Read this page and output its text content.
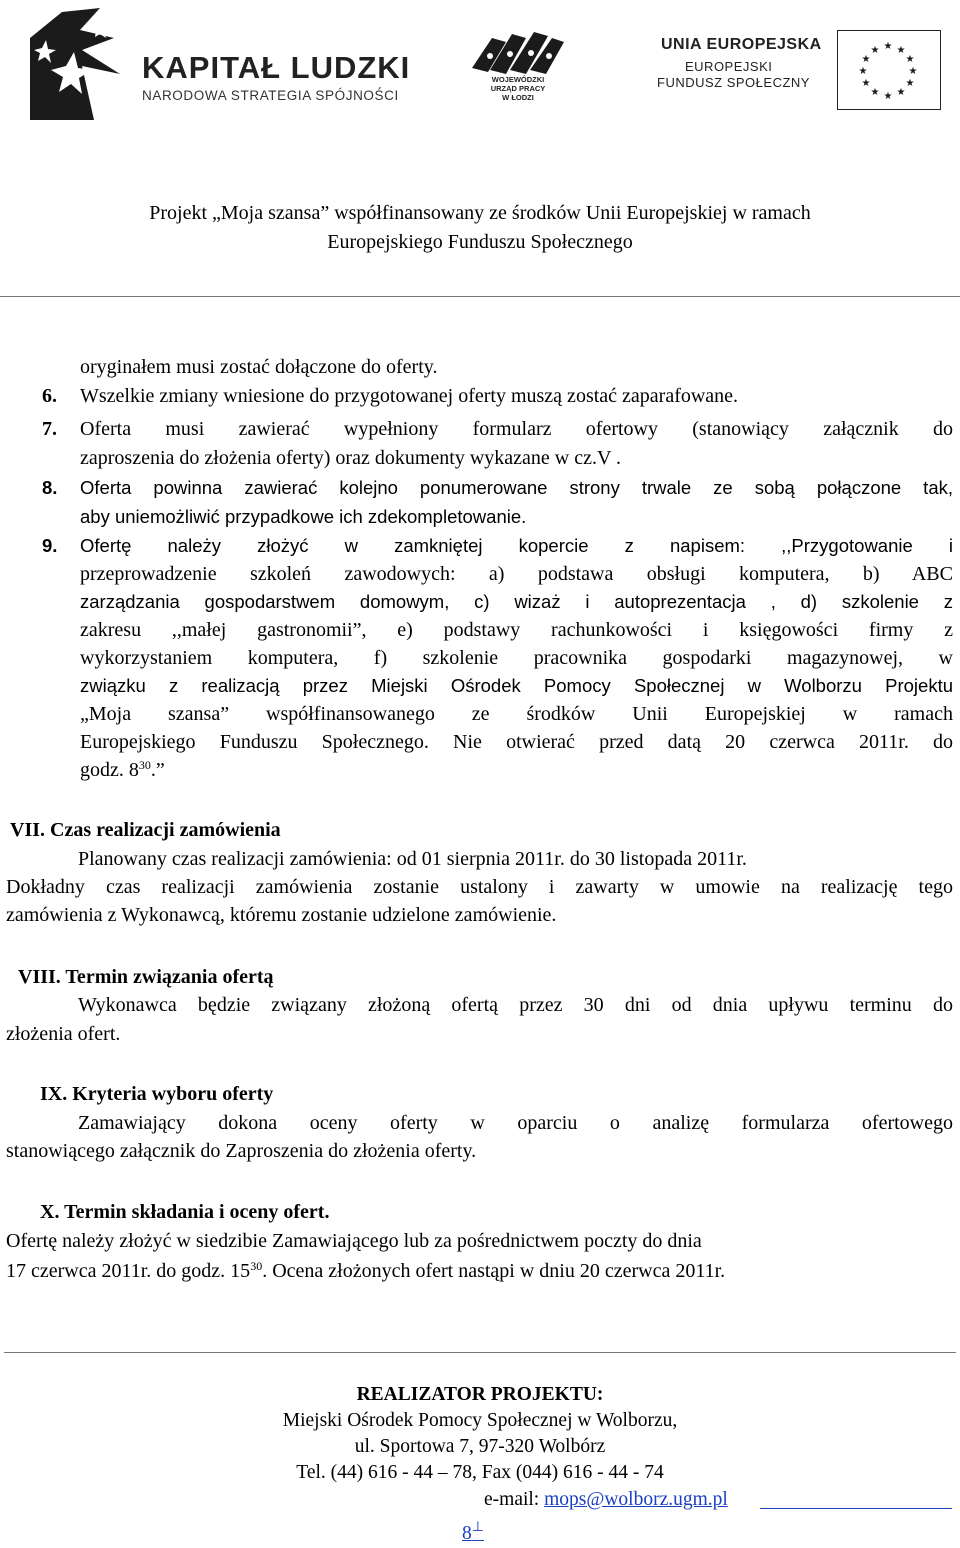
KAPITAŁ LUDZKI
NARODOWA STRATEGIA SPÓJNOŚCI
WOJEWÓDZKI
URZĄD PRACY
W ŁODZI
UNIA EUROPEJSKA
EUROPEJSKI
FUNDUSZ SPOŁECZNY
★ ★
★
★
★
★
★
★
★
★
★
★
Projekt „Moja szansa” współfinansowany ze środków Unii Europejskiej w ramach
Europejskiego Funduszu Społecznego
oryginałem musi zostać dołączone do oferty.
6. Wszelkie zmiany wniesione do przygotowanej oferty muszą zostać zaparafowane.
7. Oferta musi zawierać wypełniony formularz ofertowy (stanowiący załącznik do
zaproszenia do złożenia oferty) oraz dokumenty wykazane w cz.V .
8. Oferta powinna zawierać kolejno ponumerowane strony trwale ze sobą połączone tak,
aby uniemożliwić przypadkowe ich zdekompletowanie.
9. Ofertę należy złożyć w zamkniętej kopercie z napisem: ,,Przygotowanie i
przeprowadzenie szkoleń zawodowych: a) podstawa obsługi komputera, b) ABC
zarządzania gospodarstwem domowym, c) wizaż i autoprezentacja , d) szkolenie z
zakresu ,,małej gastronomii”, e) podstawy rachunkowości i księgowości firmy z
wykorzystaniem komputera, f) szkolenie pracownika gospodarki magazynowej, w
związku z realizacją przez Miejski Ośrodek Pomocy Społecznej w Wolborzu Projektu
„Moja szansa” współfinansowanego ze środków Unii Europejskiej w ramach
Europejskiego Funduszu Społecznego. Nie otwierać przed datą 20 czerwca 2011r. do
godz. $8^{30}$.”
VII. Czas realizacji zamówienia
Planowany czas realizacji zamówienia: od 01 sierpnia 2011r. do 30 listopada 2011r.
Dokładny czas realizacji zamówienia zostanie ustalony i zawarty w umowie na realizację tego
zamówienia z Wykonawcą, któremu zostanie udzielone zamówienie.
VIII. Termin związania ofertą
Wykonawca będzie związany złożoną ofertą przez 30 dni od dnia upływu terminu do
złożenia ofert.
IX. Kryteria wyboru oferty
Zamawiający dokona oceny oferty w oparciu o analizę formularza ofertowego
stanowiącego załącznik do Zaproszenia do złożenia oferty.
X. Termin składania i oceny ofert.
Ofertę należy złożyć w siedzibie Zamawiającego lub za pośrednictwem poczty do dnia
17 czerwca 2011r. do godz. $15^{30}$. Ocena złożonych ofert nastąpi w dniu 20 czerwca 2011r.
REALIZATOR PROJEKTU:
Miejski Ośrodek Pomocy Społecznej w Wolborzu,
ul. Sportowa 7, 97-320 Wolbórz
Tel. (44) 616 - 44 – 78, Fax (044) 616 - 44 - 74
e-mail: mops@wolborz.ugm.pl
8⊥
